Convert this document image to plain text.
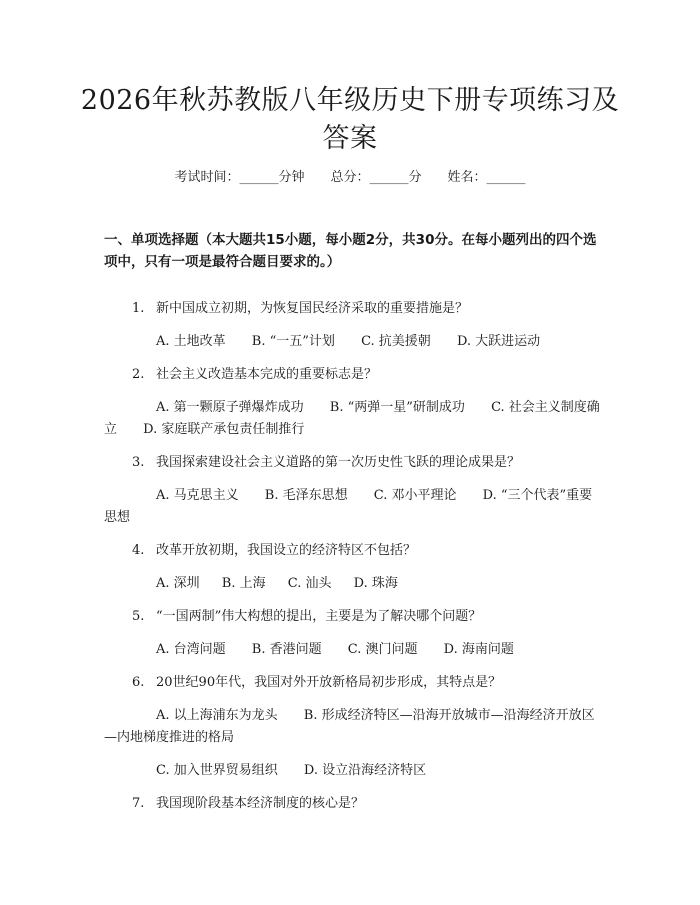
2026年秋苏教版八年级历史下册专项练习及答案
考试时间：______分钟 总分：______分 姓名：______
一、单项选择题（本大题共15小题，每小题2分，共30分。在每小题列出的四个选项中，只有一项是最符合题目要求的。）
1. 新中国成立初期，为恢复国民经济采取的重要措施是？
A. 土地改革 B. “一五”计划 C. 抗美援朝 D. 大跃进运动
2. 社会主义改造基本完成的重要标志是？
A. 第一颗原子弹爆炸成功 B. “两弹一星”研制成功 C. 社会主义制度确立 D. 家庭联产承包责任制推行
3. 我国探索建设社会主义道路的第一次历史性飞跃的理论成果是？
A. 马克思主义 B. 毛泽东思想 C. 邓小平理论 D. “三个代表”重要思想
4. 改革开放初期，我国设立的经济特区不包括？
A. 深圳 B. 上海 C. 汕头 D. 珠海
5. “一国两制”伟大构想的提出，主要是为了解决哪个问题？
A. 台湾问题 B. 香港问题 C. 澳门问题 D. 海南问题
6. 20世纪90年代，我国对外开放新格局初步形成，其特点是？
A. 以上海浦东为龙头 B. 形成经济特区—沿海开放城市—沿海经济开放区—内地梯度推进的格局
C. 加入世界贸易组织 D. 设立沿海经济特区
7. 我国现阶段基本经济制度的核心是？
